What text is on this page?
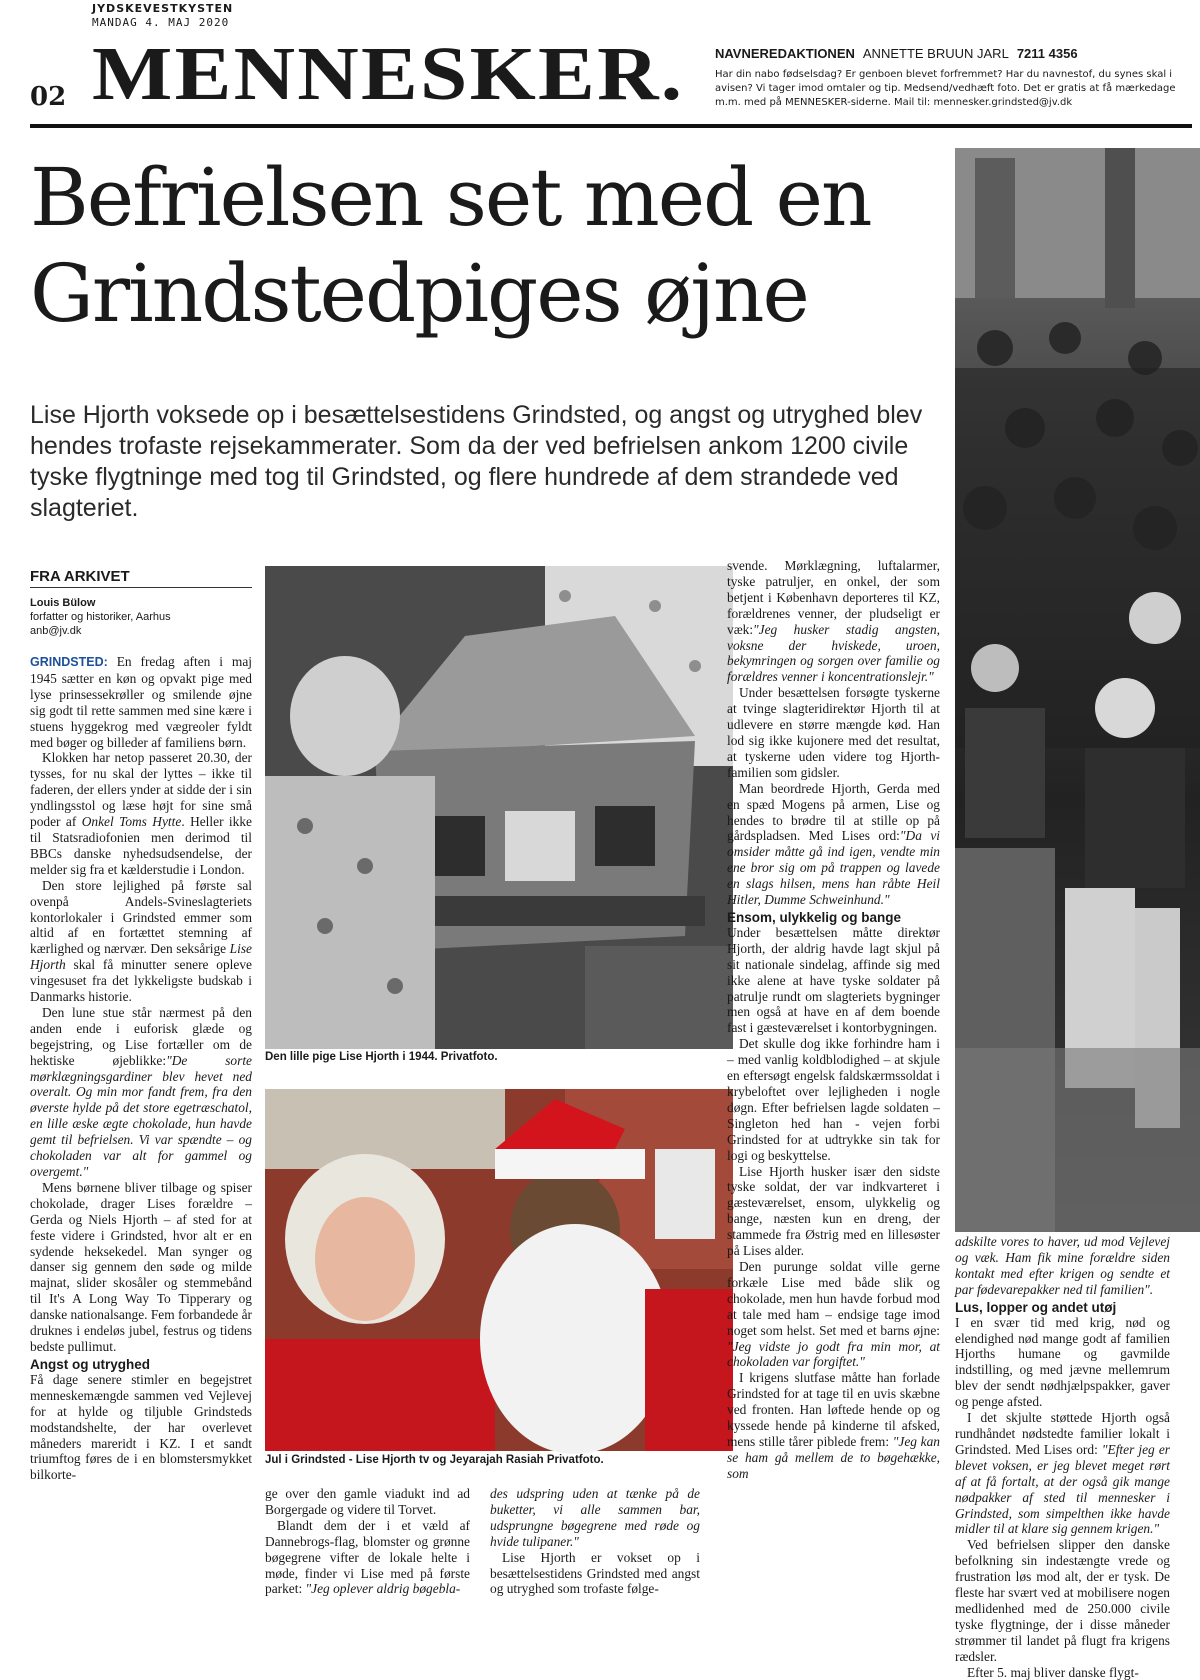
JYDSKEVESTKYSTEN
MANDAG 4. MAJ 2020
02 MENNESKER. NAVNEREDAKTIONEN ANNETTE BRUUN JARL 7211 4356
Har din nabo fødselsdag? Er genboen blevet forfremmet? Har du navnestof, du synes skal i avisen? Vi tager imod omtaler og tip. Medsend/vedhæft foto. Det er gratis at få mærkedage m.m. med på MENNESKER-siderne. Mail til: mennesker.grindsted@jv.dk
Befrielsen set med en Grindstedpiges øjne

Lise Hjorth voksede op i besættelsestidens Grindsted, og angst og utryghed blev hendes trofaste rejsekammerater. Som da der ved befrielsen ankom 1200 civile tyske flygtninge med tog til Grindsted, og flere hundrede af dem strandede ved slagteriet.

FRA ARKIVET
Louis Bülow
forfatter og historiker, Aarhus
anb@jv.dk

GRINDSTED: En fredag aften i maj 1945 sætter en køn og opvakt pige med lyse prinsessekrøller og smilende øjne sig godt til rette sammen med sine kære i stuens hyggekrog med vægreoler fyldt med bøger og billeder af familiens børn.

Klokken har netop passeret 20.30, der tysses, for nu skal der lyttes – ikke til faderen, der ellers ynder at sidde der i sin yndlingsstol og læse højt for sine små poder af Onkel Toms Hytte. Heller ikke til Statsradiofonien men derimod til BBCs danske nyhedsudsendelse, der melder sig fra et kælderstudie i London.

Den store lejlighed på første sal ovenpå Andels-Svineslagteriets kontorlokaler i Grindsted emmer som altid af en fortættet stemning af kærlighed og nærvær. Den seksårige Lise Hjorth skal få minutter senere opleve vingesuset fra det lykkeligste budskab i Danmarks historie.

Den lune stue står nærmest på den anden ende i euforisk glæde og begejstring, og Lise fortæller om de hektiske øjeblikke:"De sorte mørklægningsgardiner blev hevet ned overalt. Og min mor fandt frem, fra den øverste hylde på det store egetræschatol, en lille æske ægte chokolade, hun havde gemt til befrielsen. Vi var spændte – og chokoladen var alt for gammel og overgemt."

Mens børnene bliver tilbage og spiser chokolade, drager Lises forældre – Gerda og Niels Hjorth – af sted for at feste videre i Grindsted, hvor alt er en sydende heksekedel. Man synger og danser sig gennem den søde og milde majnat, slider skosåler og stemmebånd til It's A Long Way To Tipperary og danske nationalsange. Fem forbandede år druknes i endeløs jubel, festrus og tidens bedste pullimut.

Angst og utryghed

Få dage senere stimler en begejstret menneskemængde sammen ved Vejlevej for at hylde og tiljuble Grindsteds modstandshelte, der har overlevet måneders mareridt i KZ. I et sandt triumftog føres de i en blomstersmykket bilkorte-

Den lille pige Lise Hjorth i 1944. Privatfoto.
Jul i Grindsted - Lise Hjorth tv og Jeyarajah Rasiah Privatfoto.

ge over den gamle viadukt ind ad Borgergade og videre til Torvet.

Blandt dem der i et væld af Dannebrogs-flag, blomster og grønne bøgegrene vifter de lokale helte i møde, finder vi Lise med på første parket: "Jeg oplever aldrig bøgebla-

des udspring uden at tænke på de buketter, vi alle sammen bar, udsprungne bøgegrene med røde og hvide tulipaner."

Lise Hjorth er vokset op i besættelsestidens Grindsted med angst og utryghed som trofaste følge-

svende. Mørklægning, luftalarmer, tyske patruljer, en onkel, der som betjent i København deporteres til KZ, forældrenes venner, der pludseligt er væk:"Jeg husker stadig angsten, voksne der hviskede, uroen, bekymringen og sorgen over familie og forældres venner i koncentrationslejr."

Under besættelsen forsøgte tyskerne at tvinge slagteridirektør Hjorth til at udlevere en større mængde kød. Han lod sig ikke kujonere med det resultat, at tyskerne uden videre tog Hjorth-familien som gidsler.

Man beordrede Hjorth, Gerda med en spæd Mogens på armen, Lise og hendes to brødre til at stille op på gårdspladsen. Med Lises ord:"Da vi omsider måtte gå ind igen, vendte min ene bror sig om på trappen og lavede en slags hilsen, mens han råbte Heil Hitler, Dumme Schweinhund."

Ensom, ulykkelig og bange

Under besættelsen måtte direktør Hjorth, der aldrig havde lagt skjul på sit nationale sindelag, affinde sig med ikke alene at have tyske soldater på patrulje rundt om slagteriets bygninger men også at have en af dem boende fast i gæsteværelset i kontorbygningen.

Det skulle dog ikke forhindre ham i – med vanlig koldblodighed – at skjule en eftersøgt engelsk faldskærmssoldat i krybeloftet over lejligheden i nogle døgn. Efter befrielsen lagde soldaten – Singleton hed han - vejen forbi Grindsted for at udtrykke sin tak for logi og beskyttelse.

Lise Hjorth husker især den sidste tyske soldat, der var indkvarteret i gæsteværelset, ensom, ulykkelig og bange, næsten kun en dreng, der stammede fra Østrig med en lillesøster på Lises alder.

Den purunge soldat ville gerne forkæle Lise med både slik og chokolade, men hun havde forbud mod at tale med ham – endsige tage imod noget som helst. Set med et barns øjne: "Jeg vidste jo godt fra min mor, at chokoladen var forgiftet."

I krigens slutfase måtte han forlade Grindsted for at tage til en uvis skæbne ved fronten. Han løftede hende op og kyssede hende på kinderne til afsked, mens stille tårer piblede frem: "Jeg kan se ham gå mellem de to bøgehække, som

adskilte vores to haver, ud mod Vejlevej og væk. Ham fik mine forældre siden kontakt med efter krigen og sendte et par fødevarepakker ned til familien".

Lus, lopper og andet utøj

I en svær tid med krig, nød og elendighed nød mange godt af familien Hjorths humane og gavmilde indstilling, og med jævne mellemrum blev der sendt nødhjælpspakker, gaver og penge afsted.

I det skjulte støttede Hjorth også rundhåndet nødstedte familier lokalt i Grindsted. Med Lises ord: "Efter jeg er blevet voksen, er jeg blevet meget rørt af at få fortalt, at der også gik mange nødpakker af sted til mennesker i Grindsted, som simpelthen ikke havde midler til at klare sig gennem krigen."

Ved befrielsen slipper den danske befolkning sin indestængte vrede og frustration løs mod alt, der er tysk. De fleste har svært ved at mobilisere nogen medlidenhed med de 250.000 civile tyske flygtninge, der i disse måneder strømmer til landet på flugt fra krigens rædsler.

Efter 5. maj bliver danske flygt-
